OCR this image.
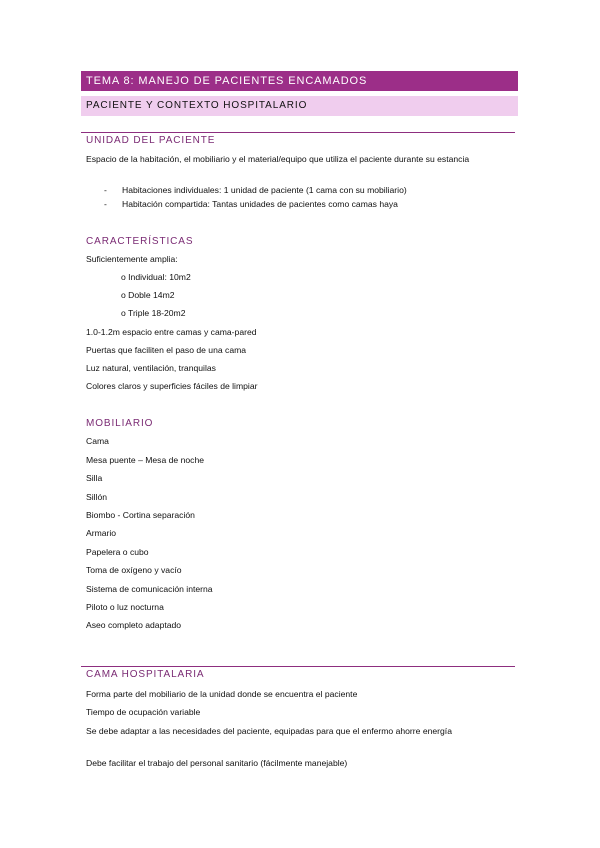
TEMA 8: MANEJO DE PACIENTES ENCAMADOS
PACIENTE Y CONTEXTO HOSPITALARIO
UNIDAD DEL PACIENTE
Espacio de la habitación, el mobiliario y el material/equipo que utiliza el paciente durante su estancia
- Habitaciones individuales: 1 unidad de paciente (1 cama con su mobiliario)
- Habitación compartida: Tantas unidades de pacientes como camas haya
CARACTERÍSTICAS
Suficientemente amplia:
o Individual: 10m2
o Doble 14m2
o Triple 18-20m2
1.0-1.2m espacio entre camas y cama-pared
Puertas que faciliten el paso de una cama
Luz natural, ventilación, tranquilas
Colores claros y superficies fáciles de limpiar
MOBILIARIO
Cama
Mesa puente – Mesa de noche
Silla
Sillón
Biombo - Cortina separación
Armario
Papelera o cubo
Toma de oxígeno y vacío
Sistema de comunicación interna
Piloto o luz nocturna
Aseo completo adaptado
CAMA HOSPITALARIA
Forma parte del mobiliario de la unidad donde se encuentra el paciente
Tiempo de ocupación variable
Se debe adaptar a las necesidades del paciente, equipadas para que el enfermo ahorre energía
Debe facilitar el trabajo del personal sanitario (fácilmente manejable)
